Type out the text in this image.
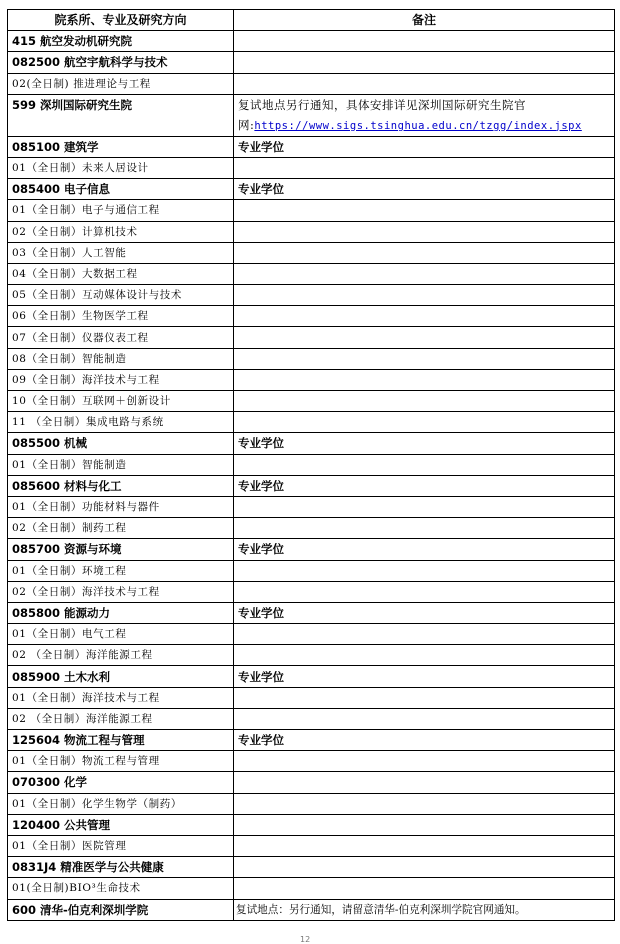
院系所、专业及研究方向	备注
415 航空发动机研究院	
082500 航空宇航科学与技术	
02(全日制) 推进理论与工程	
599 深圳国际研究生院	复试地点另行通知，具体安排详见深圳国际研究生院官网:https://www.sigs.tsinghua.edu.cn/tzgg/index.jspx
085100 建筑学	专业学位
01（全日制）未来人居设计	
085400 电子信息	专业学位
01（全日制）电子与通信工程	
02（全日制）计算机技术	
03（全日制）人工智能	
04（全日制）大数据工程	
05（全日制）互动媒体设计与技术	
06（全日制）生物医学工程	
07（全日制）仪器仪表工程	
08（全日制）智能制造	
09（全日制）海洋技术与工程	
10（全日制）互联网＋创新设计	
11 （全日制）集成电路与系统	
085500 机械	专业学位
01（全日制）智能制造	
085600 材料与化工	专业学位
01（全日制）功能材料与器件	
02（全日制）制药工程	
085700 资源与环境	专业学位
01（全日制）环境工程	
02（全日制）海洋技术与工程	
085800 能源动力	专业学位
01（全日制）电气工程	
02 （全日制）海洋能源工程	
085900 土木水利	专业学位
01（全日制）海洋技术与工程	
02 （全日制）海洋能源工程	
125604 物流工程与管理	专业学位
01（全日制）物流工程与管理	
070300 化学	
01（全日制）化学生物学（制药）	
120400 公共管理	
01（全日制）医院管理	
0831J4 精准医学与公共健康	
01(全日制)BIO³生命技术	
600 清华-伯克利深圳学院	复试地点：另行通知，请留意清华-伯克利深圳学院官网通知。
12
